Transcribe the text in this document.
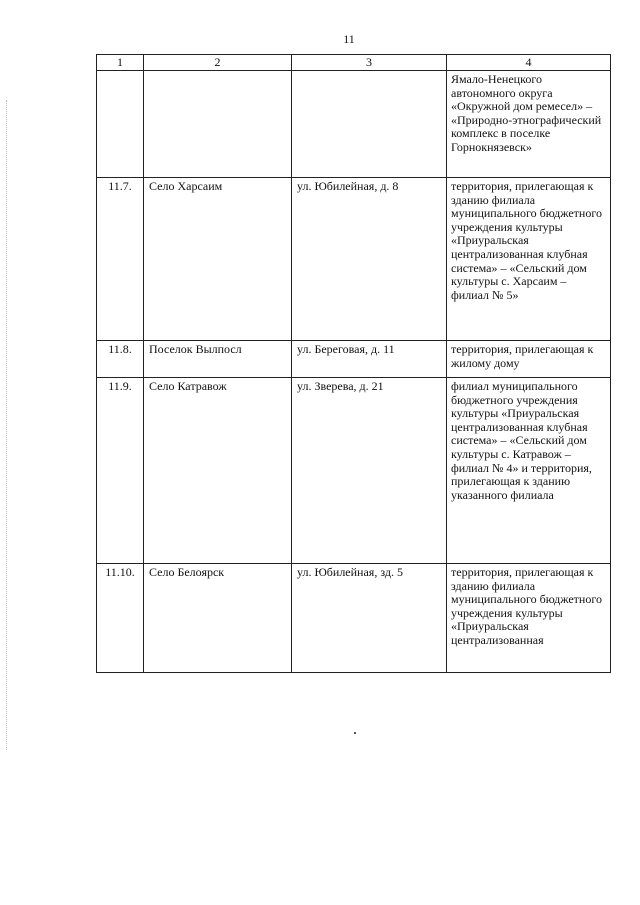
11
1	2	3	4
			Ямало-Ненецкого автономного округа «Окружной дом ремесел» – «Природно-этнографический комплекс в поселке Горнокнязевск»
11.7.	Село Харсаим	ул. Юбилейная, д. 8	территория, прилегающая к зданию филиала муниципального бюджетного учреждения культуры «Приуральская централизованная клубная система» – «Сельский дом культуры с. Харсаим – филиал № 5»
11.8.	Поселок Вылпосл	ул. Береговая, д. 11	территория, прилегающая к жилому дому
11.9.	Село Катравож	ул. Зверева, д. 21	филиал муниципального бюджетного учреждения культуры «Приуральская централизованная клубная система» – «Сельский дом культуры с. Катравож – филиал № 4» и территория, прилегающая к зданию указанного филиала
11.10.	Село Белоярск	ул. Юбилейная, зд. 5	территория, прилегающая к зданию филиала муниципального бюджетного учреждения культуры «Приуральская централизованная
